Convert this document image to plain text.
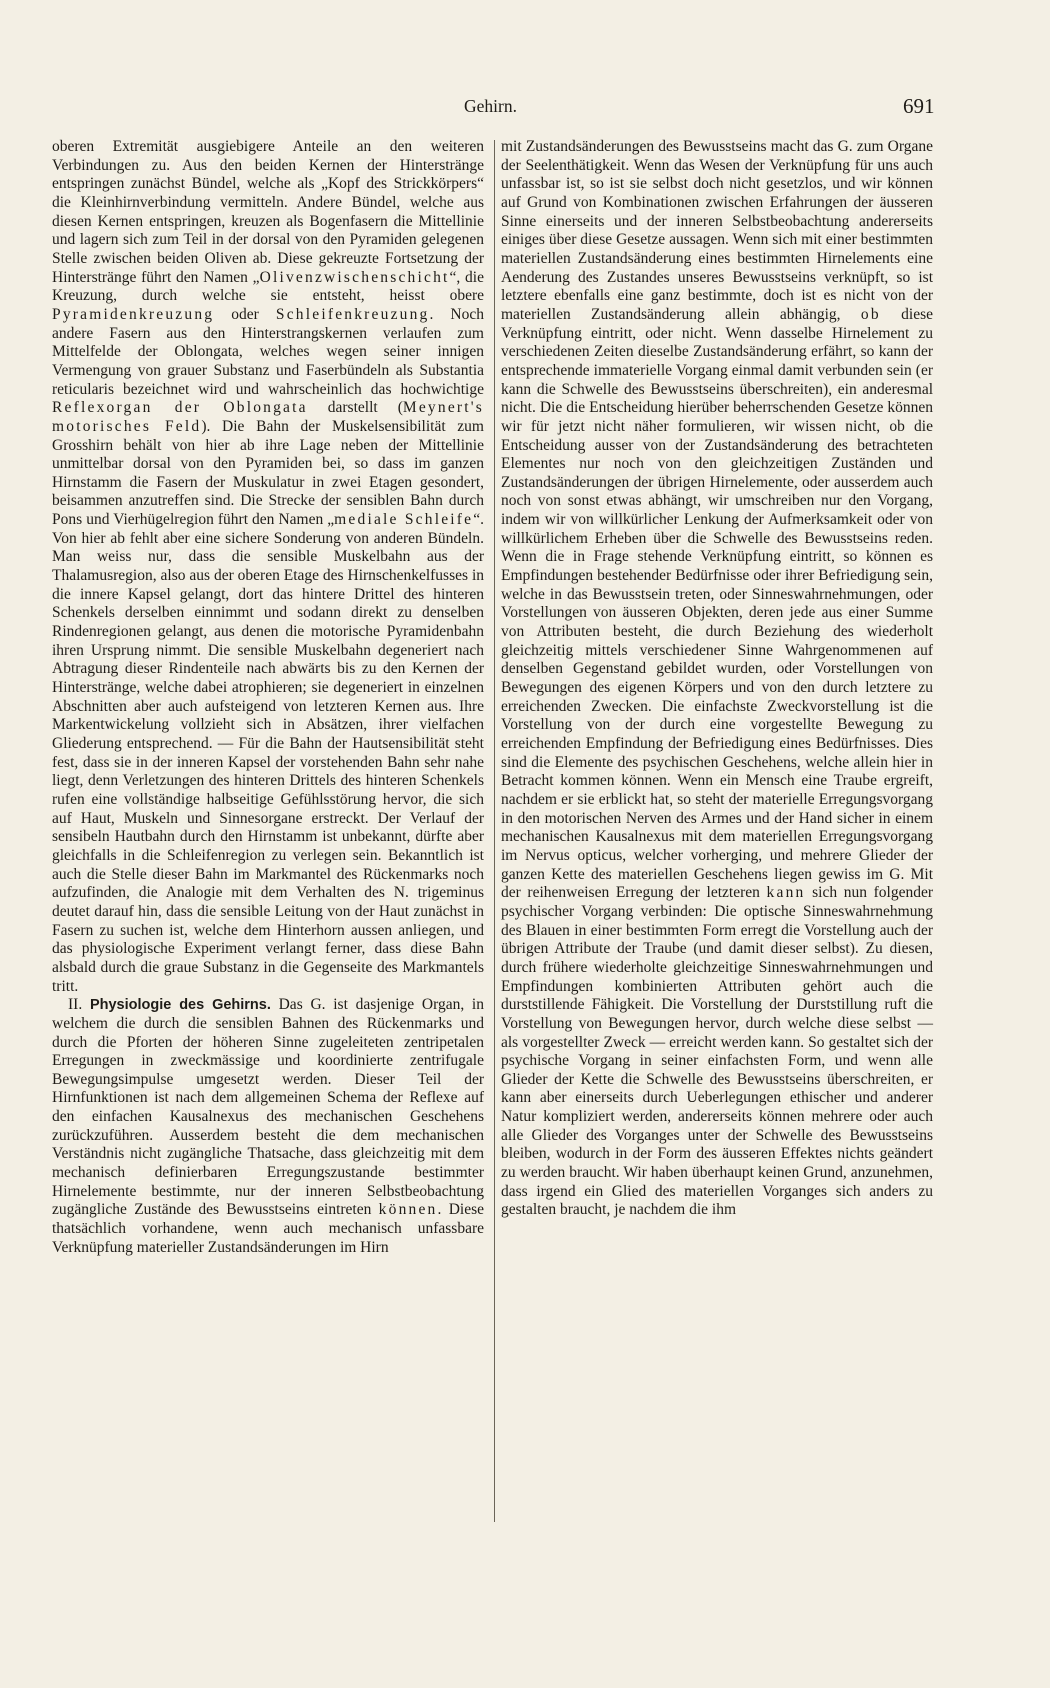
Gehirn.	691

oberen Extremität ausgiebigere Anteile an den weiteren Verbindungen zu. Aus den beiden Kernen der Hinterstränge entspringen zunächst Bündel, welche als „Kopf des Strickkörpers“ die Kleinhirnverbindung vermitteln. Andere Bündel, welche aus diesen Kernen entspringen, kreuzen als Bogenfasern die Mittellinie und lagern sich zum Teil in der dorsal von den Pyramiden gelegenen Stelle zwischen beiden Oliven ab. Diese gekreuzte Fortsetzung der Hinterstränge führt den Namen „Olivenzwischenschicht“, die Kreuzung, durch welche sie entsteht, heisst obere Pyramidenkreuzung oder Schleifenkreuzung. Noch andere Fasern aus den Hinterstrangskernen verlaufen zum Mittelfelde der Oblongata, welches wegen seiner innigen Vermengung von grauer Substanz und Faserbündeln als Substantia reticularis bezeichnet wird und wahrscheinlich das hochwichtige Reflexorgan der Oblongata darstellt (Meynert's motorisches Feld). Die Bahn der Muskelsensibilität zum Grosshirn behält von hier ab ihre Lage neben der Mittellinie unmittelbar dorsal von den Pyramiden bei, so dass im ganzen Hirnstamm die Fasern der Muskulatur in zwei Etagen gesondert, beisammen anzutreffen sind. Die Strecke der sensiblen Bahn durch Pons und Vierhügelregion führt den Namen „mediale Schleife“. Von hier ab fehlt aber eine sichere Sonderung von anderen Bündeln. Man weiss nur, dass die sensible Muskelbahn aus der Thalamusregion, also aus der oberen Etage des Hirnschenkelfusses in die innere Kapsel gelangt, dort das hintere Drittel des hinteren Schenkels derselben einnimmt und sodann direkt zu denselben Rindenregionen gelangt, aus denen die motorische Pyramidenbahn ihren Ursprung nimmt. Die sensible Muskelbahn degeneriert nach Abtragung dieser Rindenteile nach abwärts bis zu den Kernen der Hinterstränge, welche dabei atrophieren; sie degeneriert in einzelnen Abschnitten aber auch aufsteigend von letzteren Kernen aus. Ihre Markentwickelung vollzieht sich in Absätzen, ihrer vielfachen Gliederung entsprechend. — Für die Bahn der Hautsensibilität steht fest, dass sie in der inneren Kapsel der vorstehenden Bahn sehr nahe liegt, denn Verletzungen des hinteren Drittels des hinteren Schenkels rufen eine vollständige halbseitige Gefühlsstörung hervor, die sich auf Haut, Muskeln und Sinnesorgane erstreckt. Der Verlauf der sensibeln Hautbahn durch den Hirnstamm ist unbekannt, dürfte aber gleichfalls in die Schleifenregion zu verlegen sein. Bekanntlich ist auch die Stelle dieser Bahn im Markmantel des Rückenmarks noch aufzufinden, die Analogie mit dem Verhalten des N. trigeminus deutet darauf hin, dass die sensible Leitung von der Haut zunächst in Fasern zu suchen ist, welche dem Hinterhorn aussen anliegen, und das physiologische Experiment verlangt ferner, dass diese Bahn alsbald durch die graue Substanz in die Gegenseite des Markmantels tritt.

II. Physiologie des Gehirns. Das G. ist dasjenige Organ, in welchem die durch die sensiblen Bahnen des Rückenmarks und durch die Pforten der höheren Sinne zugeleiteten zentripetalen Erregungen in zweckmässige und koordinierte zentrifugale Bewegungsimpulse umgesetzt werden. Dieser Teil der Hirnfunktionen ist nach dem allgemeinen Schema der Reflexe auf den einfachen Kausalnexus des mechanischen Geschehens zurückzuführen. Ausserdem besteht die dem mechanischen Verständnis nicht zugängliche Thatsache, dass gleichzeitig mit dem mechanisch definierbaren Erregungszustande bestimmter Hirnelemente bestimmte, nur der inneren Selbstbeobachtung zugängliche Zustände des Bewusstseins eintreten können. Diese thatsächlich vorhandene, wenn auch mechanisch unfassbare Verknüpfung materieller Zustandsänderungen im Hirn

mit Zustandsänderungen des Bewusstseins macht das G. zum Organe der Seelenthätigkeit. Wenn das Wesen der Verknüpfung für uns auch unfassbar ist, so ist sie selbst doch nicht gesetzlos, und wir können auf Grund von Kombinationen zwischen Erfahrungen der äusseren Sinne einerseits und der inneren Selbstbeobachtung andererseits einiges über diese Gesetze aussagen. Wenn sich mit einer bestimmten materiellen Zustandsänderung eines bestimmten Hirnelements eine Aenderung des Zustandes unseres Bewusstseins verknüpft, so ist letztere ebenfalls eine ganz bestimmte, doch ist es nicht von der materiellen Zustandsänderung allein abhängig, ob diese Verknüpfung eintritt, oder nicht. Wenn dasselbe Hirnelement zu verschiedenen Zeiten dieselbe Zustandsänderung erfährt, so kann der entsprechende immaterielle Vorgang einmal damit verbunden sein (er kann die Schwelle des Bewusstseins überschreiten), ein anderesmal nicht. Die die Entscheidung hierüber beherrschenden Gesetze können wir für jetzt nicht näher formulieren, wir wissen nicht, ob die Entscheidung ausser von der Zustandsänderung des betrachteten Elementes nur noch von den gleichzeitigen Zuständen und Zustandsänderungen der übrigen Hirnelemente, oder ausserdem auch noch von sonst etwas abhängt, wir umschreiben nur den Vorgang, indem wir von willkürlicher Lenkung der Aufmerksamkeit oder von willkürlichem Erheben über die Schwelle des Bewusstseins reden. Wenn die in Frage stehende Verknüpfung eintritt, so können es Empfindungen bestehender Bedürfnisse oder ihrer Befriedigung sein, welche in das Bewusstsein treten, oder Sinneswahrnehmungen, oder Vorstellungen von äusseren Objekten, deren jede aus einer Summe von Attributen besteht, die durch Beziehung des wiederholt gleichzeitig mittels verschiedener Sinne Wahrgenommenen auf denselben Gegenstand gebildet wurden, oder Vorstellungen von Bewegungen des eigenen Körpers und von den durch letztere zu erreichenden Zwecken. Die einfachste Zweckvorstellung ist die Vorstellung von der durch eine vorgestellte Bewegung zu erreichenden Empfindung der Befriedigung eines Bedürfnisses. Dies sind die Elemente des psychischen Geschehens, welche allein hier in Betracht kommen können. Wenn ein Mensch eine Traube ergreift, nachdem er sie erblickt hat, so steht der materielle Erregungsvorgang in den motorischen Nerven des Armes und der Hand sicher in einem mechanischen Kausalnexus mit dem materiellen Erregungsvorgang im Nervus opticus, welcher vorherging, und mehrere Glieder der ganzen Kette des materiellen Geschehens liegen gewiss im G. Mit der reihenweisen Erregung der letzteren kann sich nun folgender psychischer Vorgang verbinden: Die optische Sinneswahrnehmung des Blauen in einer bestimmten Form erregt die Vorstellung auch der übrigen Attribute der Traube (und damit dieser selbst). Zu diesen, durch frühere wiederholte gleichzeitige Sinneswahrnehmungen und Empfindungen kombinierten Attributen gehört auch die durststillende Fähigkeit. Die Vorstellung der Durststillung ruft die Vorstellung von Bewegungen hervor, durch welche diese selbst — als vorgestellter Zweck — erreicht werden kann. So gestaltet sich der psychische Vorgang in seiner einfachsten Form, und wenn alle Glieder der Kette die Schwelle des Bewusstseins überschreiten, er kann aber einerseits durch Ueberlegungen ethischer und anderer Natur kompliziert werden, andererseits können mehrere oder auch alle Glieder des Vorganges unter der Schwelle des Bewusstseins bleiben, wodurch in der Form des äusseren Effektes nichts geändert zu werden braucht. Wir haben überhaupt keinen Grund, anzunehmen, dass irgend ein Glied des materiellen Vorganges sich anders zu gestalten braucht, je nachdem die ihm
